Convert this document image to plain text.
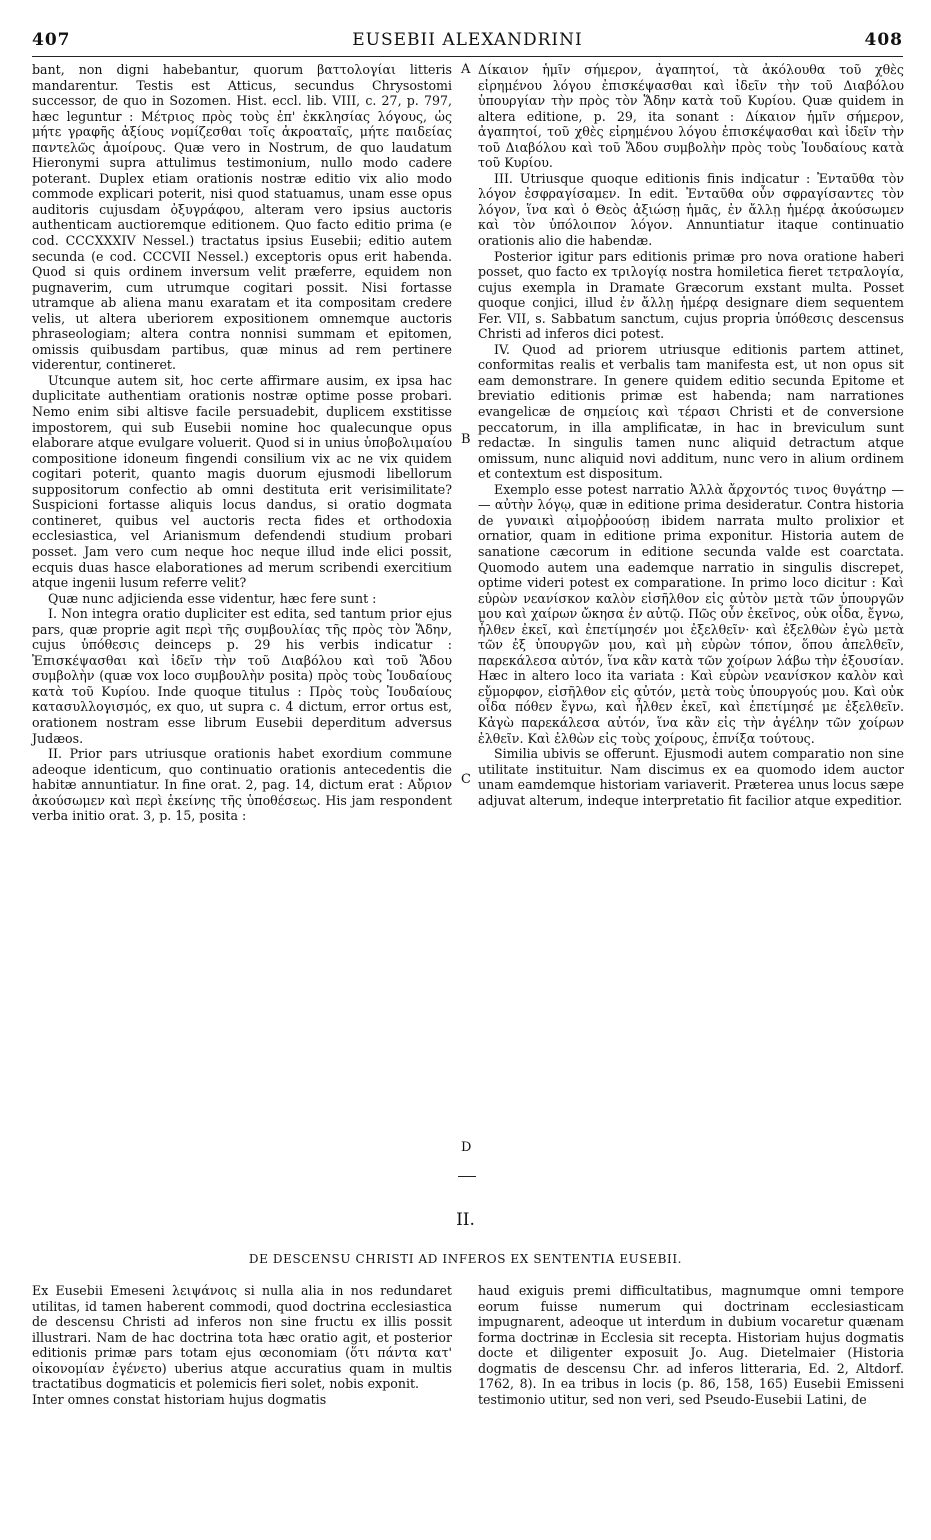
407	EUSEBII ALEXANDRINI	408

bant, non digni habebantur, quorum βαττολογίαι litteris mandarentur. Testis est Atticus, secundus Chrysostomi successor, de quo in Sozomen. Hist. eccl. lib. VIII, c. 27, p. 797, hæc leguntur : Μέτριος πρὸς τοὺς ἐπ' ἐκκλησίας λόγους, ὡς μήτε γραφῆς ἀξίους νομίζεσθαι τοῖς ἀκροαταῖς, μήτε παιδείας παντελῶς ἀμοίρους. Quæ vero in Nostrum, de quo laudatum Hieronymi supra attulimus testimonium, nullo modo cadere poterant. Duplex etiam orationis nostræ editio vix alio modo commode explicari poterit, nisi quod statuamus, unam esse opus auditoris cujusdam ὀξυγράφου, alteram vero ipsius auctoris authenticam auctioremque editionem. Quo facto editio prima (e cod. CCCXXXIV Nessel.) tractatus ipsius Eusebii; editio autem secunda (e cod. CCCVII Nessel.) exceptoris opus erit habenda. Quod si quis ordinem inversum velit præferre, equidem non pugnaverim, cum utrumque cogitari possit. Nisi fortasse utramque ab aliena manu exaratam et ita compositam credere velis, ut altera uberiorem expositionem omnemque auctoris phraseologiam; altera contra nonnisi summam et epitomen, omissis quibusdam partibus, quæ minus ad rem pertinere viderentur, contineret.

Utcunque autem sit, hoc certe affirmare ausim, ex ipsa hac duplicitate authentiam orationis nostræ optime posse probari. Nemo enim sibi altisve facile persuadebit, duplicem exstitisse impostorem, qui sub Eusebii nomine hoc qualecunque opus elaborare atque evulgare voluerit. Quod si in unius ὑποβολιμαίου compositione idoneum fingendi consilium vix ac ne vix quidem cogitari poterit, quanto magis duorum ejusmodi libellorum suppositorum confectio ab omni destituta erit verisimilitate? Suspicioni fortasse aliquis locus dandus, si oratio dogmata contineret, quibus vel auctoris recta fides et orthodoxia ecclesiastica, vel Arianismum defendendi studium probari posset. Jam vero cum neque hoc neque illud inde elici possit, ecquis duas hasce elaborationes ad merum scribendi exercitium atque ingenii lusum referre velit?

Quæ nunc adjicienda esse videntur, hæc fere sunt :

I. Non integra oratio dupliciter est edita, sed tantum prior ejus pars, quæ proprie agit περὶ τῆς συμβουλίας τῆς πρὸς τὸν Ἅδην, cujus ὑπόθεσις deinceps p. 29 his verbis indicatur : Ἐπισκέψασθαι καὶ ἰδεῖν τὴν τοῦ Διαβόλου καὶ τοῦ Ἅδου συμβολὴν (quæ vox loco συμβουλὴν posita) πρὸς τοὺς Ἰουδαίους κατὰ τοῦ Κυρίου. Inde quoque titulus : Πρὸς τοὺς Ἰουδαίους κατασυλλογισμός, ex quo, ut supra c. 4 dictum, error ortus est, orationem nostram esse librum Eusebii deperditum adversus Judæos.

II. Prior pars utriusque orationis habet exordium commune adeoque identicum, quo continuatio orationis antecedentis die habitæ annuntiatur. In fine orat. 2, pag. 14, dictum erat : Αὔριον ἀκούσωμεν καὶ περὶ ἐκείνης τῆς ὑποθέσεως. His jam respondent verba initio orat. 3, p. 15, posita :

A
B
C
D

Δίκαιον ἡμῖν σήμερον, ἀγαπητοί, τὰ ἀκόλουθα τοῦ χθὲς εἰρημένου λόγου ἐπισκέψασθαι καὶ ἰδεῖν τὴν τοῦ Διαβόλου ὑπουργίαν τὴν πρὸς τὸν Ἅδην κατὰ τοῦ Κυρίου. Quæ quidem in altera editione, p. 29, ita sonant : Δίκαιον ἡμῖν σήμερον, ἀγαπητοί, τοῦ χθὲς εἰρημένου λόγου ἐπισκέψασθαι καὶ ἰδεῖν τὴν τοῦ Διαβόλου καὶ τοῦ Ἅδου συμβολὴν πρὸς τοὺς Ἰουδαίους κατὰ τοῦ Κυρίου.

III. Utriusque quoque editionis finis indicatur : Ἐνταῦθα τὸν λόγον ἐσφραγίσαμεν. In edit. Ἐνταῦθα οὖν σφραγίσαντες τὸν λόγον, ἵνα καὶ ὁ Θεὸς ἀξιώσῃ ἡμᾶς, ἐν ἄλλῃ ἡμέρᾳ ἀκούσωμεν καὶ τὸν ὑπόλοιπον λόγον. Annuntiatur itaque continuatio orationis alio die habendæ.

Posterior igitur pars editionis primæ pro nova oratione haberi posset, quo facto ex τριλογίᾳ nostra homiletica fieret τετραλογία, cujus exempla in Dramate Græcorum exstant multa. Posset quoque conjici, illud ἐν ἄλλῃ ἡμέρᾳ designare diem sequentem Fer. VII, s. Sabbatum sanctum, cujus propria ὑπόθεσις descensus Christi ad inferos dici potest.

IV. Quod ad priorem utriusque editionis partem attinet, conformitas realis et verbalis tam manifesta est, ut non opus sit eam demonstrare. In genere quidem editio secunda Epitome et breviatio editionis primæ est habenda; nam narrationes evangelicæ de σημείοις καὶ τέρασι Christi et de conversione peccatorum, in illa amplificatæ, in hac in breviculum sunt redactæ. In singulis tamen nunc aliquid detractum atque omissum, nunc aliquid novi additum, nunc vero in alium ordinem et contextum est dispositum.

Exemplo esse potest narratio Ἀλλὰ ἄρχοντός τινος θυγάτηρ — — αὐτὴν λόγῳ, quæ in editione prima desideratur. Contra historia de γυναικὶ αἱμοῤῥοούσῃ ibidem narrata multo prolixior et ornatior, quam in editione prima exponitur. Historia autem de sanatione cæcorum in editione secunda valde est coarctata. Quomodo autem una eademque narratio in singulis discrepet, optime videri potest ex comparatione. In primo loco dicitur : Καὶ εὑρὼν νεανίσκον καλὸν εἰσῆλθον εἰς αὐτὸν μετὰ τῶν ὑπουργῶν μου καὶ χαίρων ὤκησα ἐν αὐτῷ. Πῶς οὖν ἐκεῖνος, οὐκ οἶδα, ἔγνω, ἦλθεν ἐκεῖ, καὶ ἐπετίμησέν μοι ἐξελθεῖν· καὶ ἐξελθὼν ἐγὼ μετὰ τῶν ἐξ ὑπουργῶν μου, καὶ μὴ εὑρὼν τόπον, ὅπου ἀπελθεῖν, παρεκάλεσα αὐτόν, ἵνα κἂν κατὰ τῶν χοίρων λάβω τὴν ἐξουσίαν. Hæc in altero loco ita variata : Καὶ εὑρὼν νεανίσκον καλὸν καὶ εὔμορφον, εἰσῆλθον εἰς αὐτόν, μετὰ τοὺς ὑπουργούς μου. Καὶ οὐκ οἶδα πόθεν ἔγνω, καὶ ἦλθεν ἐκεῖ, καὶ ἐπετίμησέ με ἐξελθεῖν. Κἀγὼ παρεκάλεσα αὐτόν, ἵνα κἂν εἰς τὴν ἀγέλην τῶν χοίρων ἐλθεῖν. Καὶ ἐλθὼν εἰς τοὺς χοίρους, ἐπνίξα τούτους.

Similia ubivis se offerunt. Ejusmodi autem comparatio non sine utilitate instituitur. Nam discimus ex ea quomodo idem auctor unam eamdemque historiam variaverit. Præterea unus locus sæpe adjuvat alterum, indeque interpretatio fit facilior atque expeditior.

II.
DE DESCENSU CHRISTI AD INFEROS EX SENTENTIA EUSEBII.

Ex Eusebii Emeseni λειψάνοις si nulla alia in nos redundaret utilitas, id tamen haberent commodi, quod doctrina ecclesiastica de descensu Christi ad inferos non sine fructu ex illis possit illustrari. Nam de hac doctrina tota hæc oratio agit, et posterior editionis primæ pars totam ejus œconomiam (ὅτι πάντα κατ' οἰκονομίαν ἐγένετο) uberius atque accuratius quam in multis tractatibus dogmaticis et polemicis fieri solet, nobis exponit.

Inter omnes constat historiam hujus dogmatis

haud exiguis premi difficultatibus, magnumque omni tempore eorum fuisse numerum qui doctrinam ecclesiasticam impugnarent, adeoque ut interdum in dubium vocaretur quænam forma doctrinæ in Ecclesia sit recepta. Historiam hujus dogmatis docte et diligenter exposuit Jo. Aug. Dietelmaier (Historia dogmatis de descensu Chr. ad inferos litteraria, Ed. 2, Altdorf. 1762, 8). In ea tribus in locis (p. 86, 158, 165) Eusebii Emisseni testimonio utitur, sed non veri, sed Pseudo-Eusebii Latini, de
